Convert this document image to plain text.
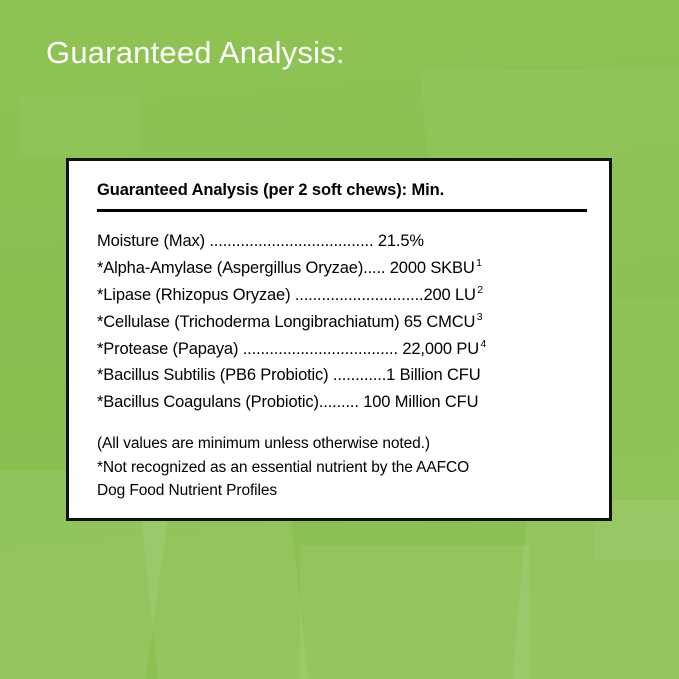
Guaranteed Analysis:
Guaranteed Analysis (per 2 soft chews): Min.
Moisture (Max) ..................................... 21.5%
*Alpha-Amylase (Aspergillus Oryzae)..... 2000 SKBU $^1$
*Lipase (Rhizopus Oryzae) .............................200 LU $^2$
*Cellulase (Trichoderma Longibrachiatum) 65 CMCU $^3$
*Protease (Papaya) ................................... 22,000 PU $^4$
*Bacillus Subtilis (PB6 Probiotic) ............1 Billion CFU
*Bacillus Coagulans (Probiotic)......... 100 Million CFU
(All values are minimum unless otherwise noted.)
*Not recognized as an essential nutrient by the AAFCO
Dog Food Nutrient Profiles
